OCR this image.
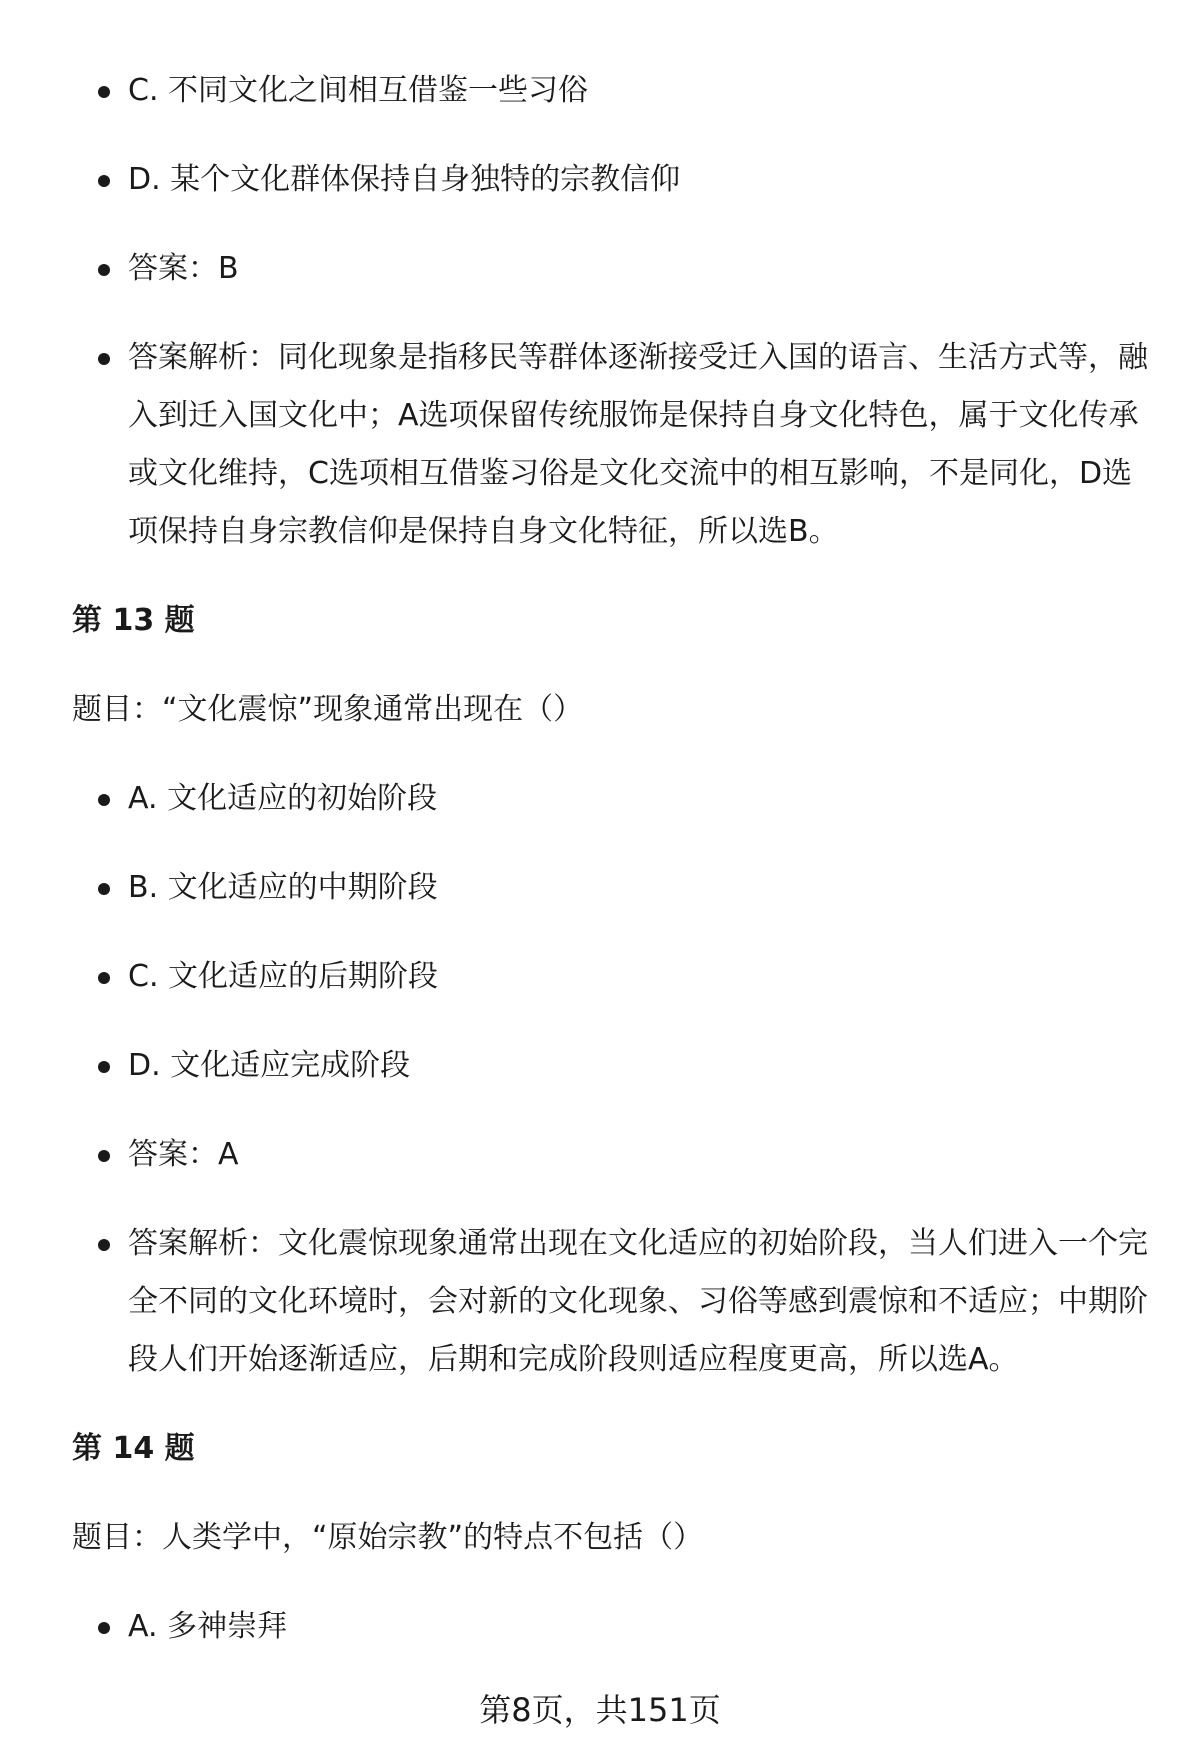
C. 不同文化之间相互借鉴一些习俗
D. 某个文化群体保持自身独特的宗教信仰
答案：B
答案解析：同化现象是指移民等群体逐渐接受迁入国的语言、生活方式等，融入到迁入国文化中；A选项保留传统服饰是保持自身文化特色，属于文化传承或文化维持，C选项相互借鉴习俗是文化交流中的相互影响，不是同化，D选项保持自身宗教信仰是保持自身文化特征，所以选B。
第 13 题
题目：“文化震惊”现象通常出现在（）
A. 文化适应的初始阶段
B. 文化适应的中期阶段
C. 文化适应的后期阶段
D. 文化适应完成阶段
答案：A
答案解析：文化震惊现象通常出现在文化适应的初始阶段，当人们进入一个完全不同的文化环境时，会对新的文化现象、习俗等感到震惊和不适应；中期阶段人们开始逐渐适应，后期和完成阶段则适应程度更高，所以选A。
第 14 题
题目：人类学中，“原始宗教”的特点不包括（）
A. 多神崇拜
第8页，共151页
